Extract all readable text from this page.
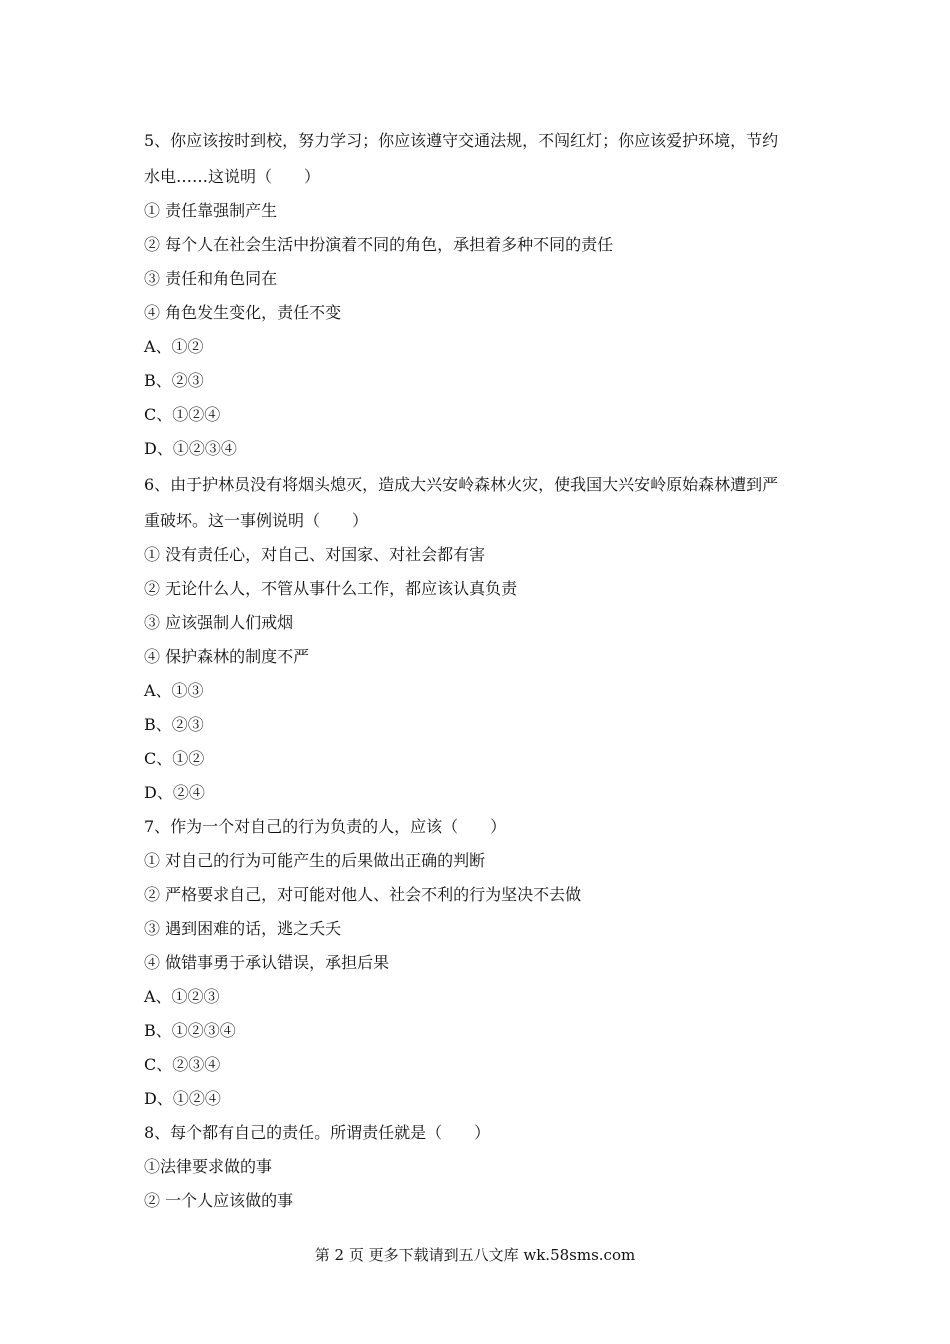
5、你应该按时到校，努力学习；你应该遵守交通法规，不闯红灯；你应该爱护环境，节约
水电……这说明（　　）
① 责任靠强制产生
② 每个人在社会生活中扮演着不同的角色，承担着多种不同的责任
③ 责任和角色同在
④ 角色发生变化，责任不变
A、①②
B、②③
C、①②④
D、①②③④
6、由于护林员没有将烟头熄灭，造成大兴安岭森林火灾，使我国大兴安岭原始森林遭到严
重破坏。这一事例说明（　　）
① 没有责任心，对自己、对国家、对社会都有害
② 无论什么人，不管从事什么工作，都应该认真负责
③ 应该强制人们戒烟
④ 保护森林的制度不严
A、①③
B、②③
C、①②
D、②④
7、作为一个对自己的行为负责的人，应该（　　）
① 对自己的行为可能产生的后果做出正确的判断
② 严格要求自己，对可能对他人、社会不利的行为坚决不去做
③ 遇到困难的话，逃之夭夭
④ 做错事勇于承认错误，承担后果
A、①②③
B、①②③④
C、②③④
D、①②④
8、每个都有自己的责任。所谓责任就是（　　）
①法律要求做的事
② 一个人应该做的事
第 2 页 更多下载请到五八文库 wk.58sms.com
